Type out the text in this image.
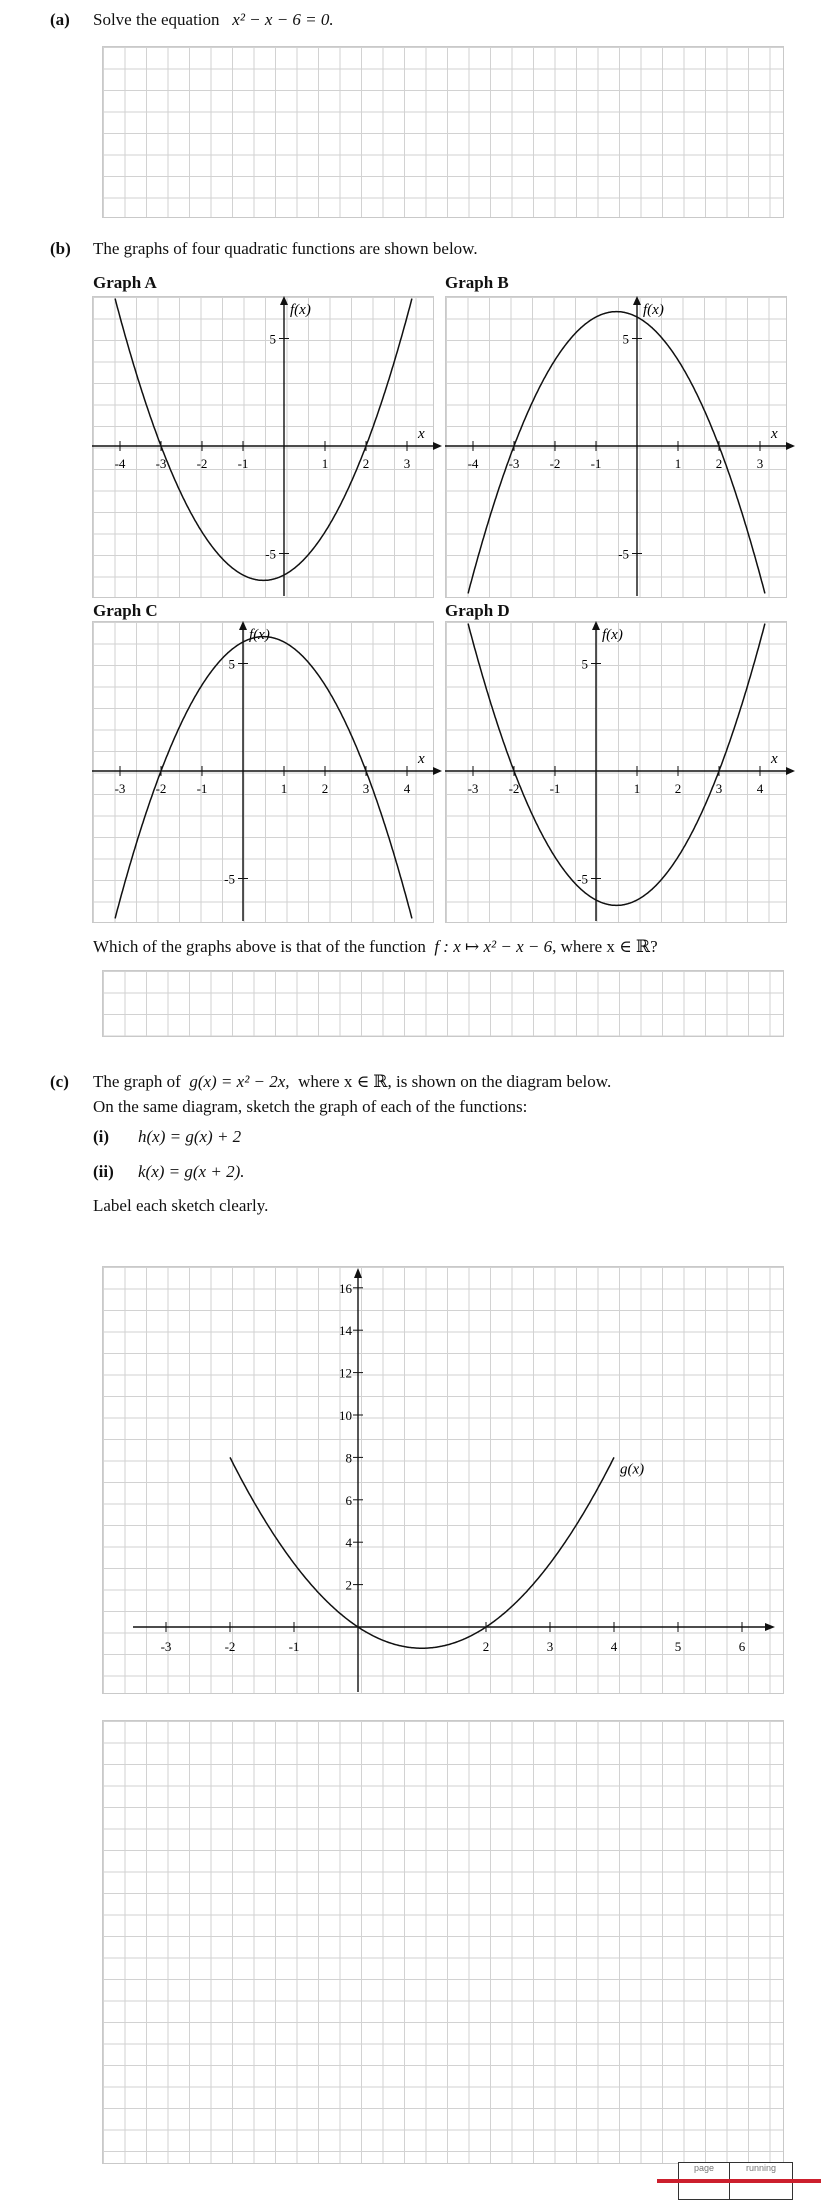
(a) Solve the equation x² − x − 6 = 0.
(b) The graphs of four quadratic functions are shown below.
Graph A	Graph B
Graph C	Graph D
Which of the graphs above is that of the function f : x ↦ x² − x − 6, where x ∈ ℝ?
(c) The graph of g(x) = x² − 2x, where x ∈ ℝ, is shown on the diagram below.
On the same diagram, sketch the graph of each of the functions:
(i) h(x) = g(x) + 2
(ii) k(x) = g(x + 2).
Label each sketch clearly.
page	running
f(x)
x
-4 -3 -2 -1	1	2	3
5
-5
f(x)
x
-4 -3 -2 -1	1	2	3
5
-5
f(x)
x
-3 -2 -1	1	2	3	4
5
-5
f(x)
x
-3 -2 -1	1	2	3	4
5
-5
-3	-2	-1	2	3	4	5	6
2
4
6
8
10
12
14
16
g(x)
